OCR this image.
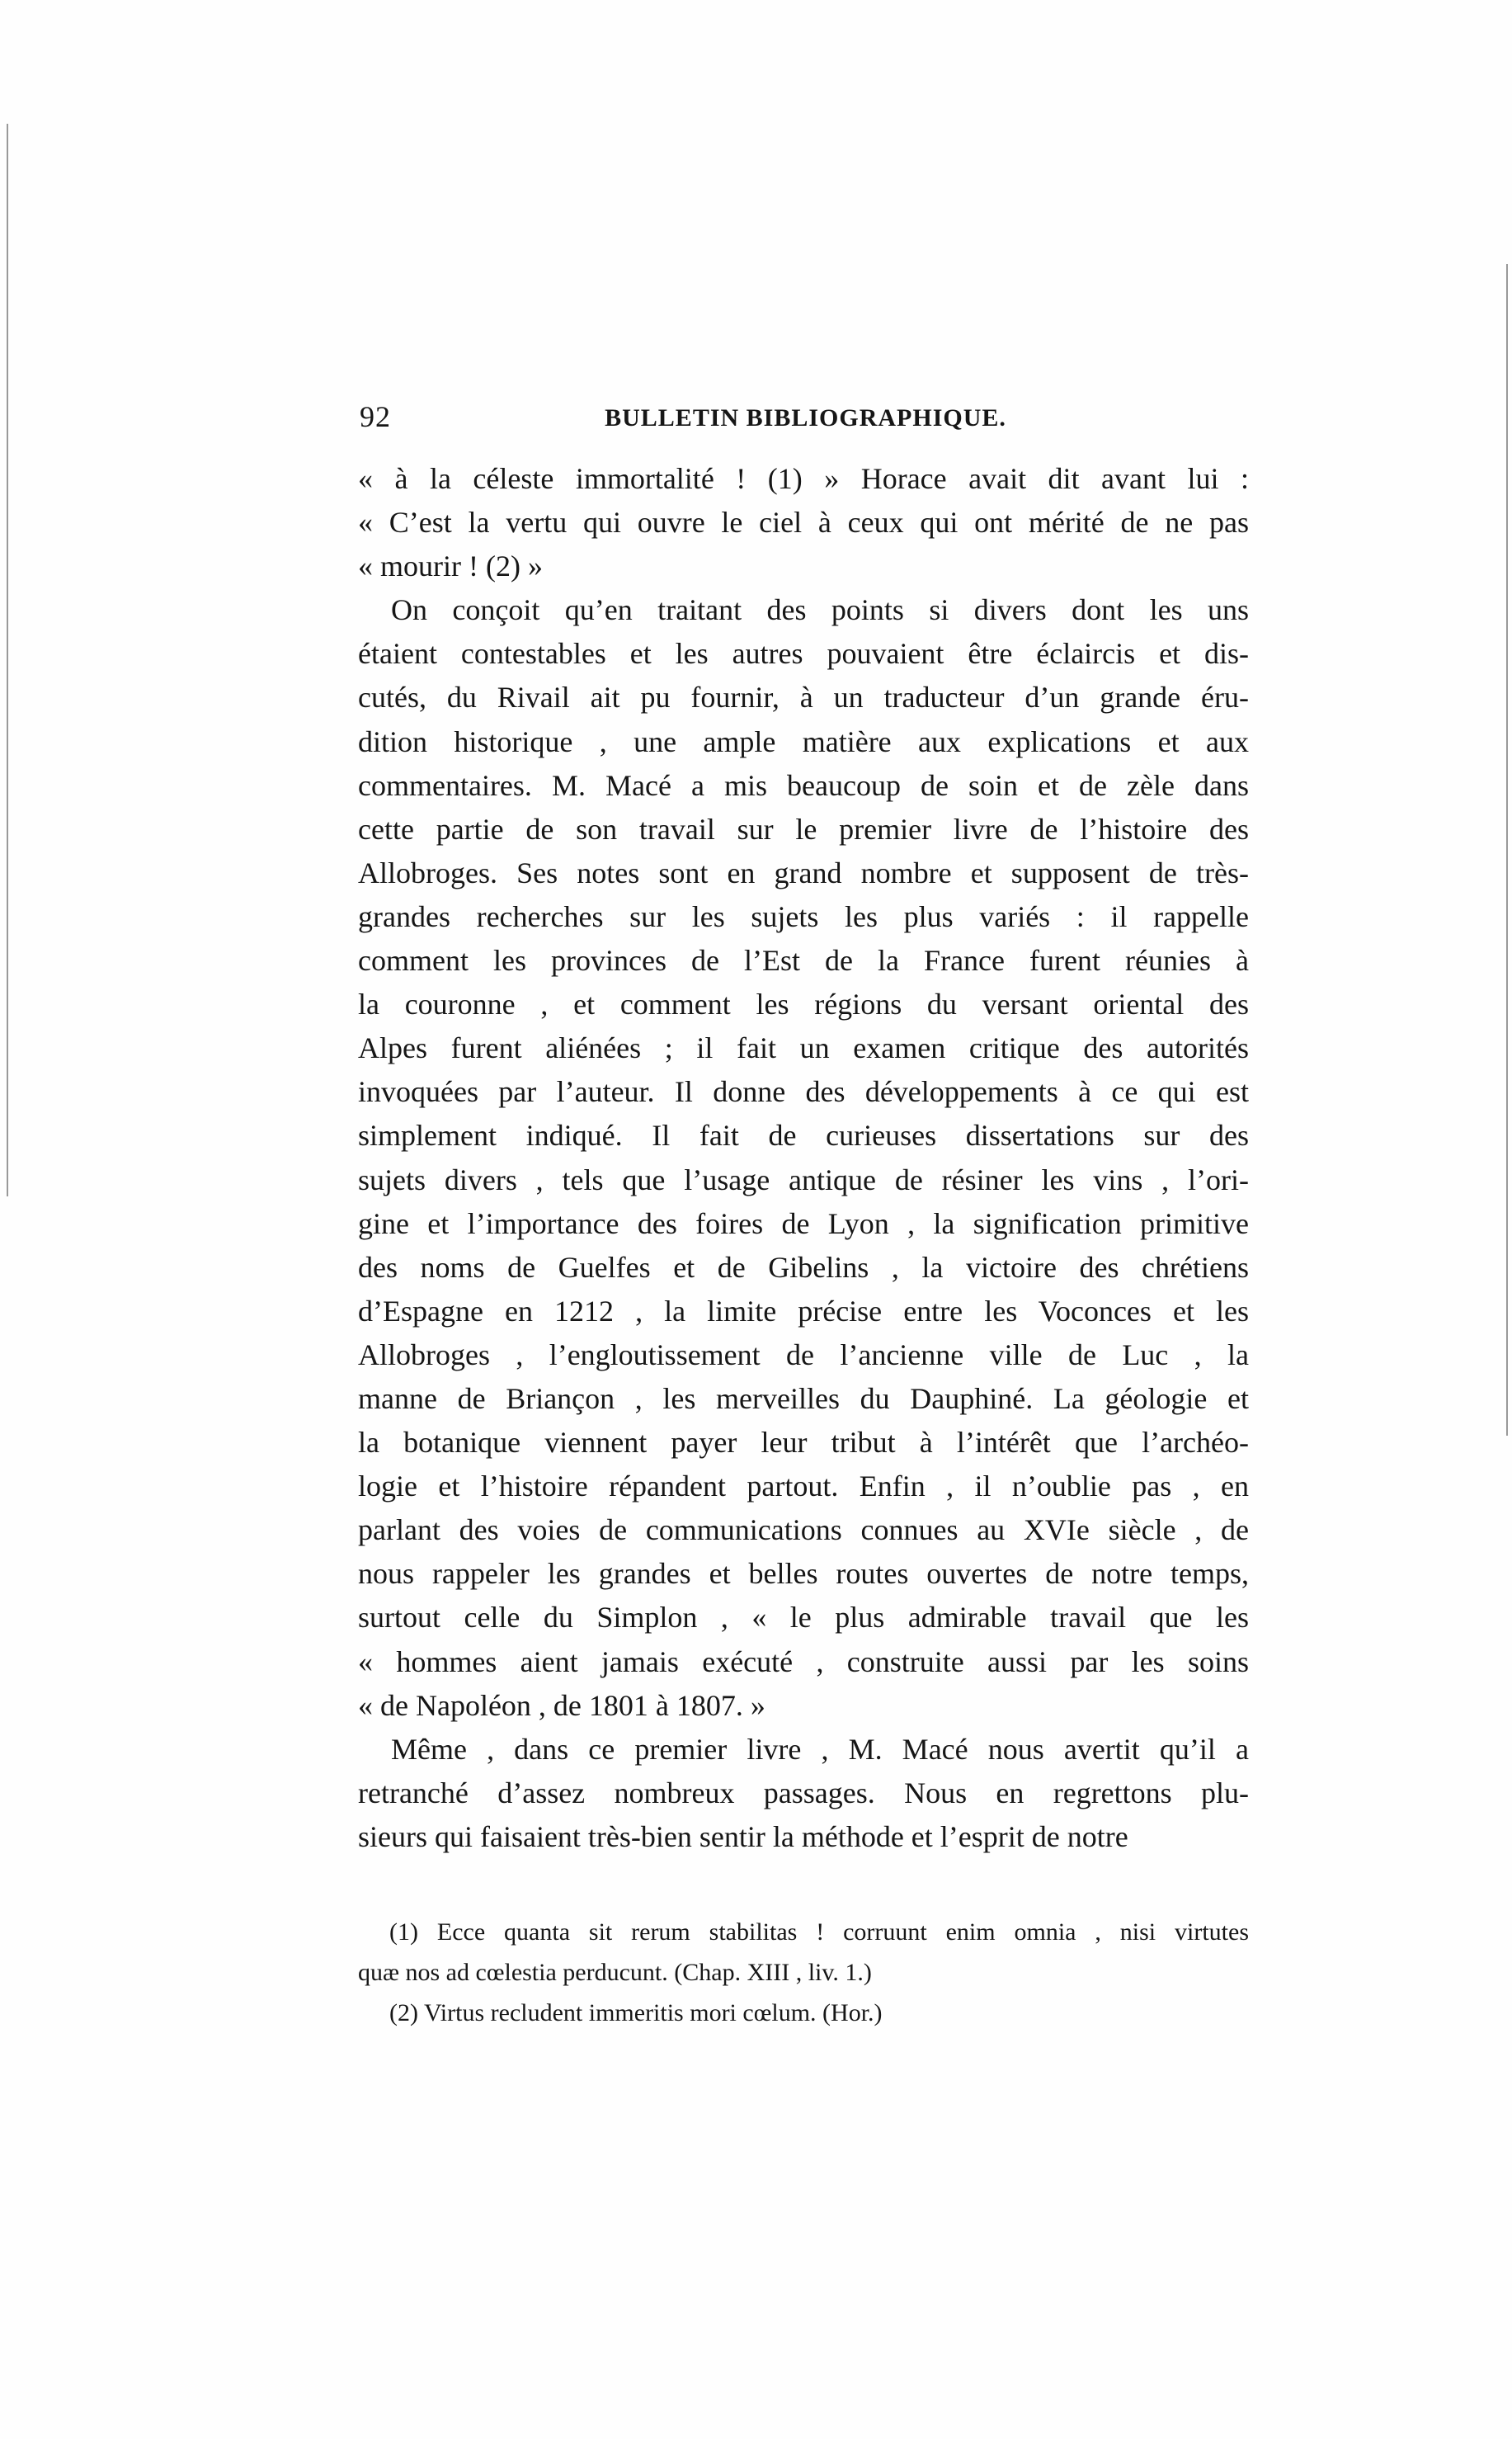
92	BULLETIN BIBLIOGRAPHIQUE.
« à la céleste immortalité ! (1) » Horace avait dit avant lui :
« C’est la vertu qui ouvre le ciel à ceux qui ont mérité de ne pas
« mourir ! (2) »
On conçoit qu’en traitant des points si divers dont les uns
étaient contestables et les autres pouvaient être éclaircis et dis-
cutés, du Rivail ait pu fournir, à un traducteur d’un grande éru-
dition historique , une ample matière aux explications et aux
commentaires. M. Macé a mis beaucoup de soin et de zèle dans
cette partie de son travail sur le premier livre de l’histoire des
Allobroges. Ses notes sont en grand nombre et supposent de très-
grandes recherches sur les sujets les plus variés : il rappelle
comment les provinces de l’Est de la France furent réunies à
la couronne , et comment les régions du versant oriental des
Alpes furent aliénées ; il fait un examen critique des autorités
invoquées par l’auteur. Il donne des développements à ce qui est
simplement indiqué. Il fait de curieuses dissertations sur des
sujets divers , tels que l’usage antique de résiner les vins , l’ori-
gine et l’importance des foires de Lyon , la signification primitive
des noms de Guelfes et de Gibelins , la victoire des chrétiens
d’Espagne en 1212 , la limite précise entre les Voconces et les
Allobroges , l’engloutissement de l’ancienne ville de Luc , la
manne de Briançon , les merveilles du Dauphiné. La géologie et
la botanique viennent payer leur tribut à l’intérêt que l’archéo-
logie et l’histoire répandent partout. Enfin , il n’oublie pas , en
parlant des voies de communications connues au XVIe siècle , de
nous rappeler les grandes et belles routes ouvertes de notre temps,
surtout celle du Simplon , « le plus admirable travail que les
« hommes aient jamais exécuté , construite aussi par les soins
« de Napoléon , de 1801 à 1807. »
Même , dans ce premier livre , M. Macé nous avertit qu’il a
retranché d’assez nombreux passages. Nous en regrettons plu-
sieurs qui faisaient très-bien sentir la méthode et l’esprit de notre
(1) Ecce quanta sit rerum stabilitas ! corruunt enim omnia , nisi virtutes
quæ nos ad cœlestia perducunt. (Chap. XIII , liv. 1.)
(2) Virtus recludent immeritis mori cœlum. (Hor.)
